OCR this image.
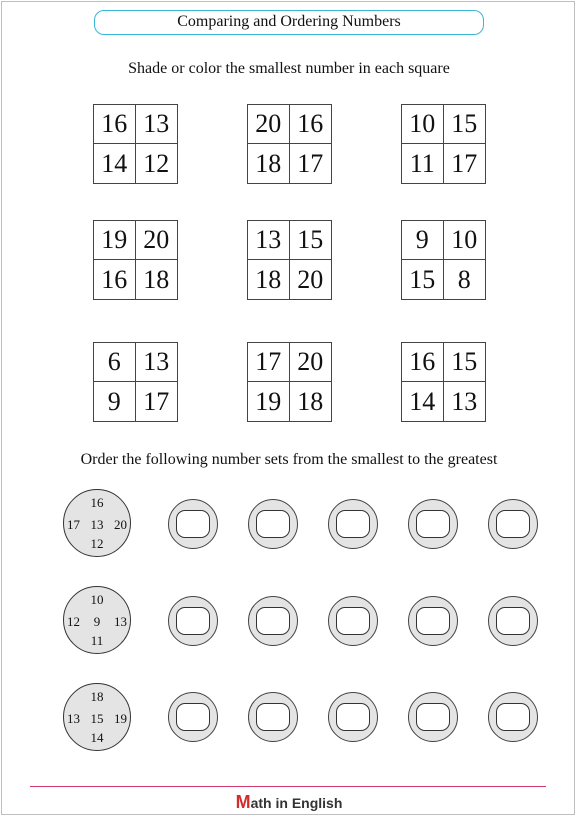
Comparing and Ordering Numbers
Shade or color the smallest number in each square
16 13
14 12
20 16
18 17
10 15
11 17
19 20
16 18
13 15
18 20
9 10
15 8
6 13
9 17
17 20
19 18
16 15
14 13
Order the following number sets from the smallest to the greatest
16
17 13 20
12
10
12	9	13
11
18
13 15 19
14
Math in English
